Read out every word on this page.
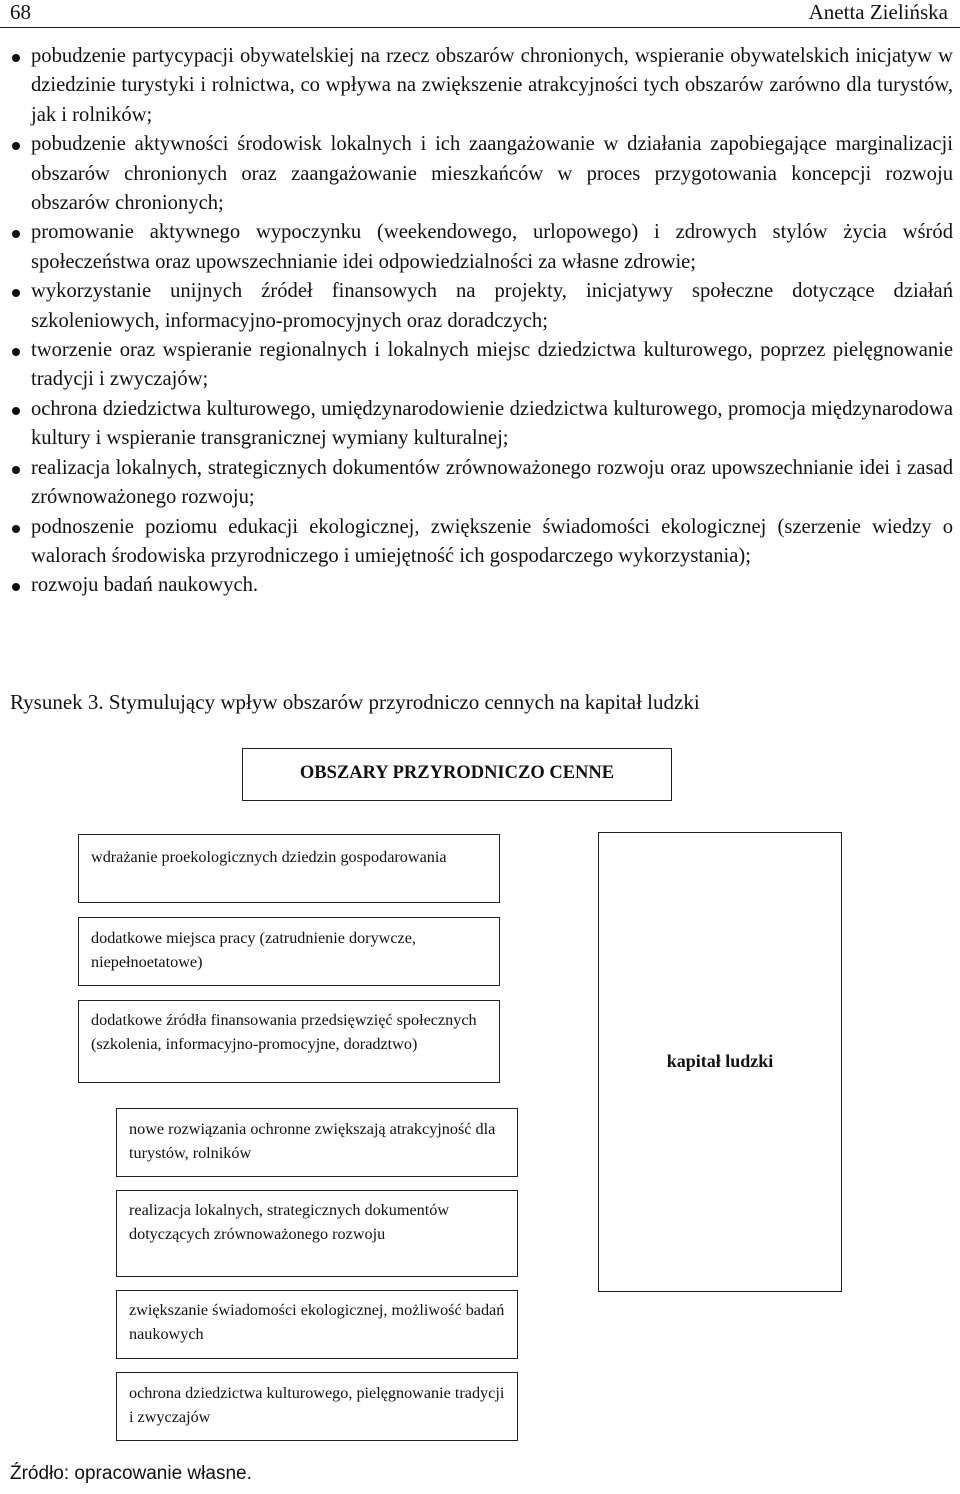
68	Anetta Zielińska
pobudzenie partycypacji obywatelskiej na rzecz obszarów chronionych, wspieranie obywatelskich inicjatyw w dziedzinie turystyki i rolnictwa, co wpływa na zwiększenie atrakcyjności tych obszarów zarówno dla turystów, jak i rolników;
pobudzenie aktywności środowisk lokalnych i ich zaangażowanie w działania zapobiegające marginalizacji obszarów chronionych oraz zaangażowanie mieszkańców w proces przygotowania koncepcji rozwoju obszarów chronionych;
promowanie aktywnego wypoczynku (weekendowego, urlopowego) i zdrowych stylów życia wśród społeczeństwa oraz upowszechnianie idei odpowiedzialności za własne zdrowie;
wykorzystanie unijnych źródeł finansowych na projekty, inicjatywy społeczne dotyczące działań szkoleniowych, informacyjno-promocyjnych oraz doradczych;
tworzenie oraz wspieranie regionalnych i lokalnych miejsc dziedzictwa kulturowego, poprzez pielęgnowanie tradycji i zwyczajów;
ochrona dziedzictwa kulturowego, umiędzynarodowienie dziedzictwa kulturowego, promocja międzynarodowa kultury i wspieranie transgranicznej wymiany kulturalnej;
realizacja lokalnych, strategicznych dokumentów zrównoważonego rozwoju oraz upowszechnianie idei i zasad zrównoważonego rozwoju;
podnoszenie poziomu edukacji ekologicznej, zwiększenie świadomości ekologicznej (szerzenie wiedzy o walorach środowiska przyrodniczego i umiejętność ich gospodarczego wykorzystania);
rozwoju badań naukowych.
Rysunek 3. Stymulujący wpływ obszarów przyrodniczo cennych na kapitał ludzki
OBSZARY PRZYRODNICZO CENNE
kapitał ludzki
wdrażanie proekologicznych dziedzin gospodarowania
dodatkowe miejsca pracy (zatrudnienie dorywcze, niepełnoetatowe)
dodatkowe źródła finansowania przedsięwzięć społecznych (szkolenia, informacyjno-promocyjne, doradztwo)
nowe rozwiązania ochronne zwiększają atrakcyjność dla turystów, rolników
realizacja lokalnych, strategicznych dokumentów dotyczących zrównoważonego rozwoju
zwiększanie świadomości ekologicznej, możliwość badań naukowych
ochrona dziedzictwa kulturowego, pielęgnowanie tradycji i zwyczajów
Źródło: opracowanie własne.
